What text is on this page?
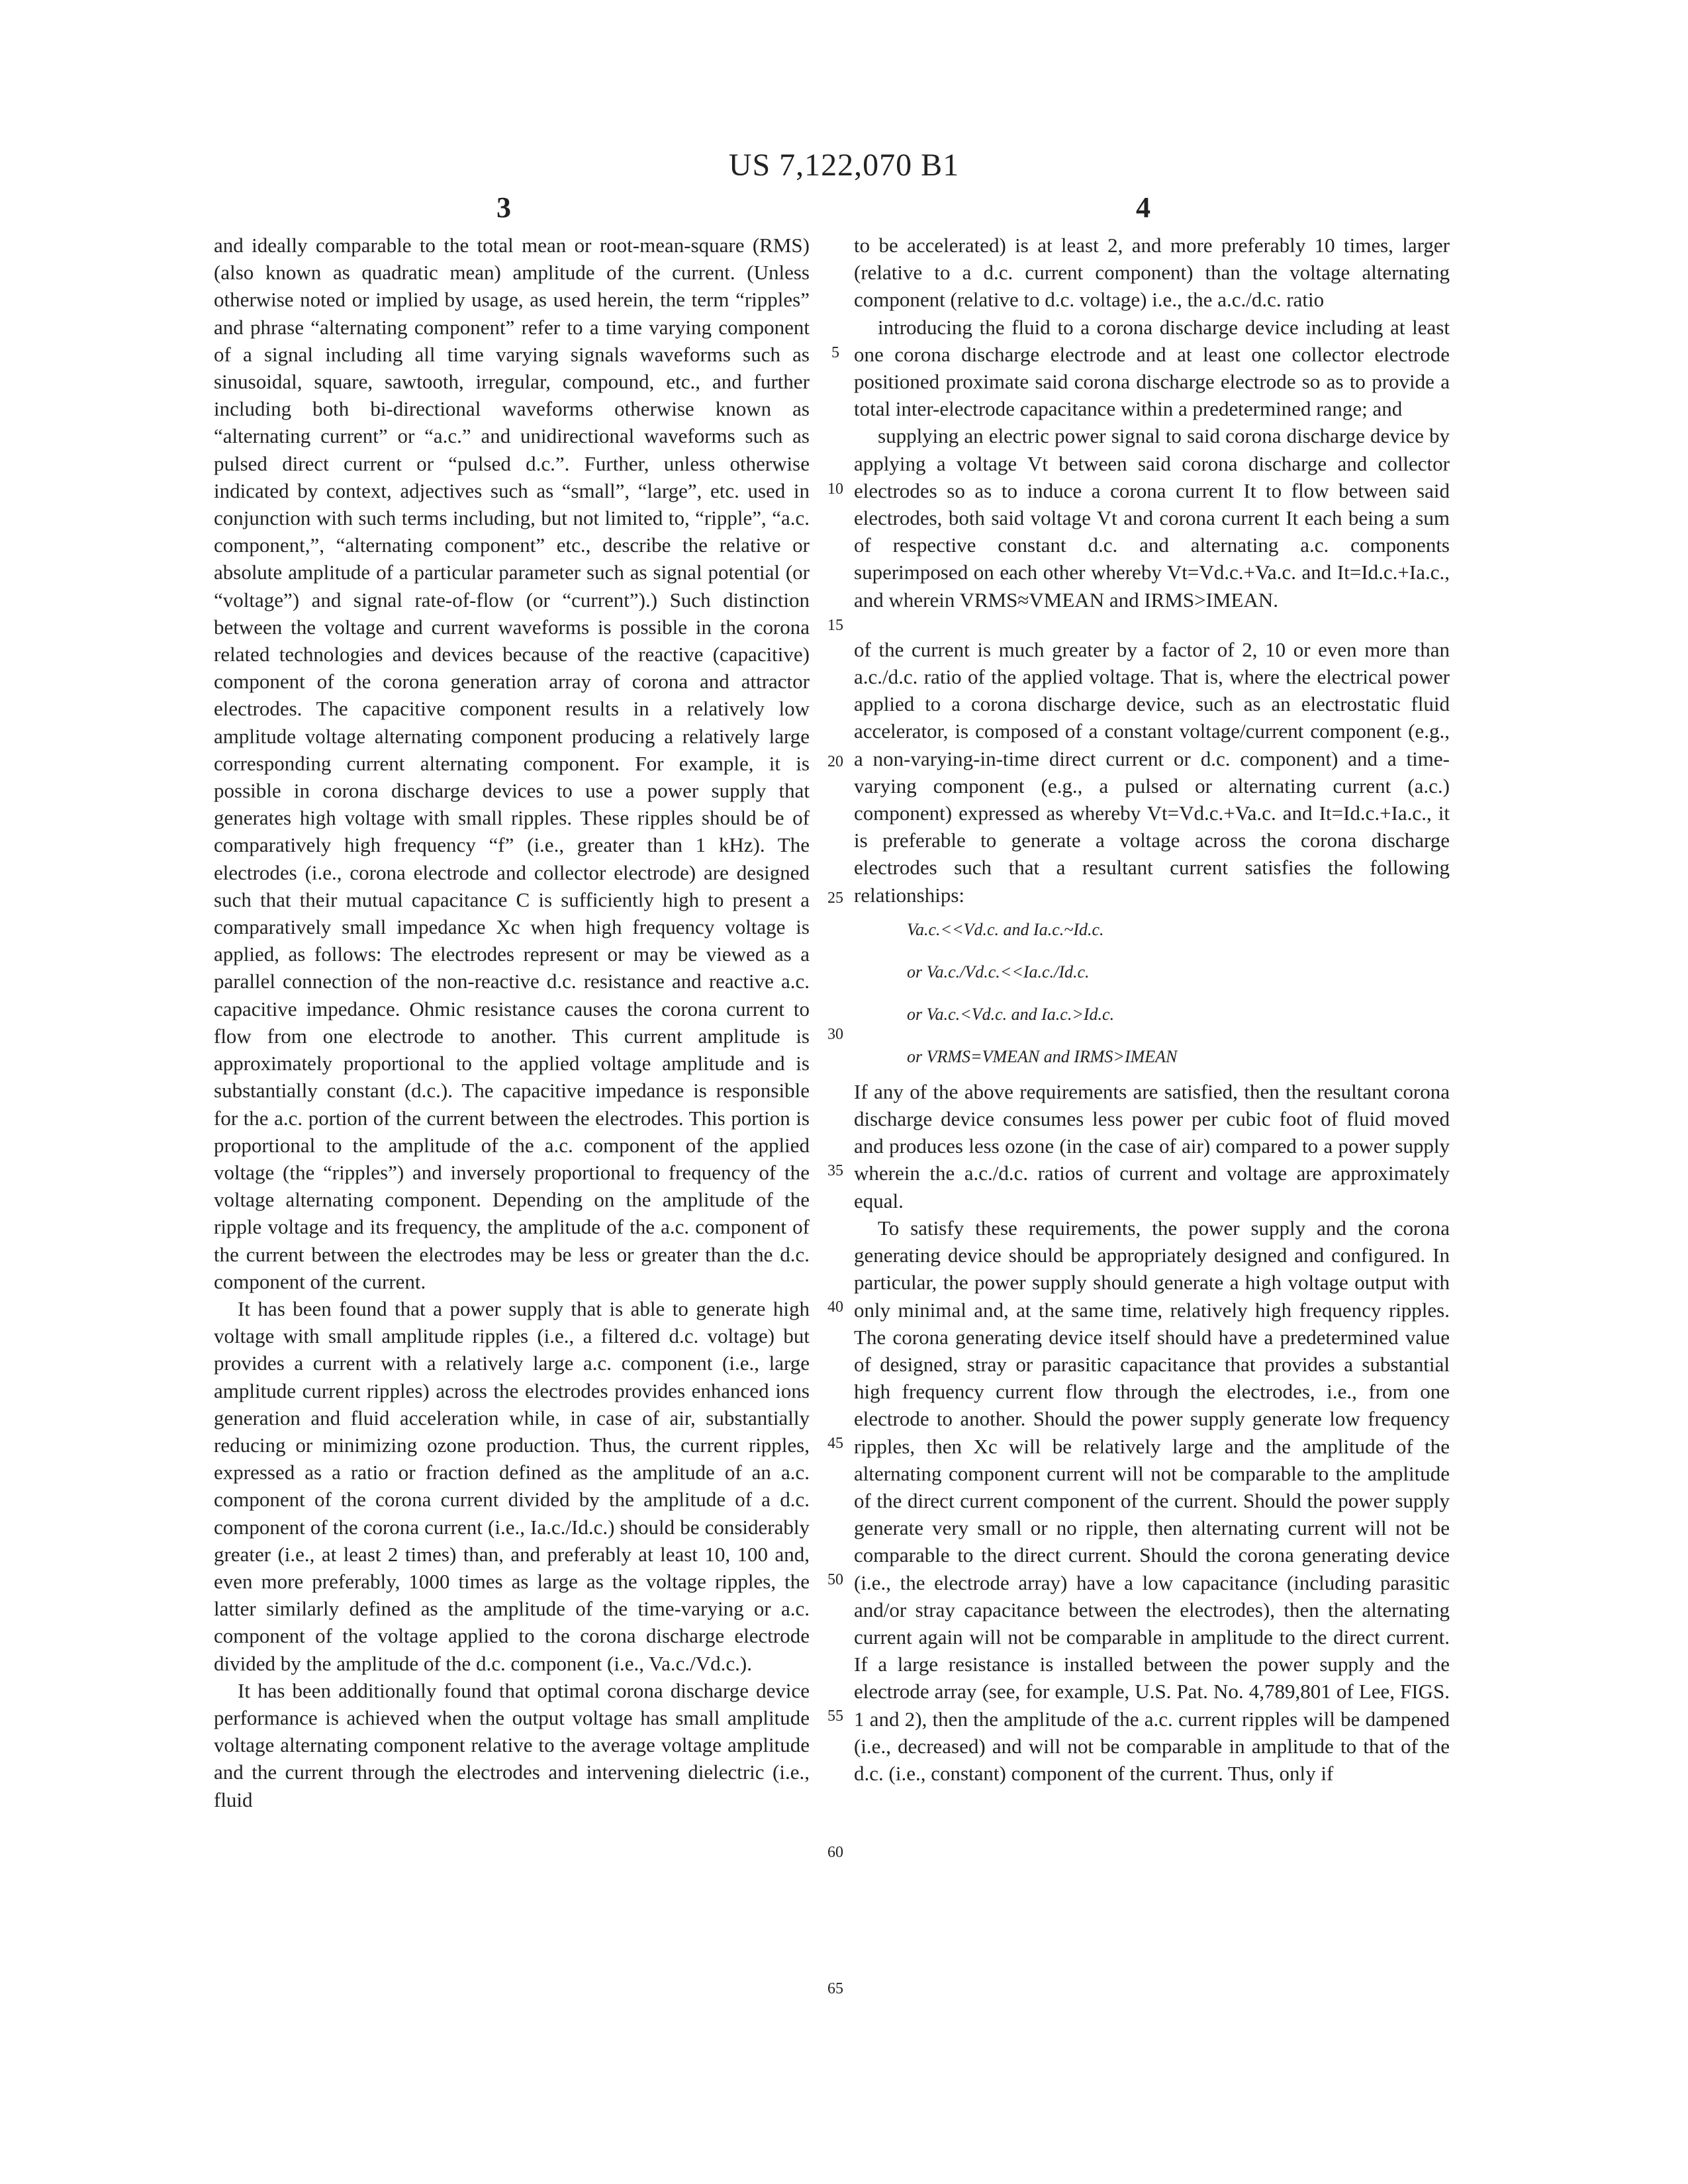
US 7,122,070 B1
3	4

and ideally comparable to the total mean or root-mean-square (RMS) (also known as quadratic mean) amplitude of the current. (Unless otherwise noted or implied by usage, as used herein, the term “ripples” and phrase “alternating component” refer to a time varying component of a signal including all time varying signals waveforms such as sinusoidal, square, sawtooth, irregular, compound, etc., and further including both bi-directional waveforms otherwise known as “alternating current” or “a.c.” and unidirectional waveforms such as pulsed direct current or “pulsed d.c.”. Further, unless otherwise indicated by context, adjectives such as “small”, “large”, etc. used in conjunction with such terms including, but not limited to, “ripple”, “a.c. component,”, “alternating component” etc., describe the relative or absolute amplitude of a particular parameter such as signal potential (or “voltage”) and signal rate-of-flow (or “current”).) Such distinction between the voltage and current waveforms is possible in the corona related technologies and devices because of the reactive (capacitive) component of the corona generation array of corona and attractor electrodes. The capacitive component results in a relatively low amplitude voltage alternating component producing a relatively large corresponding current alternating component. For example, it is possible in corona discharge devices to use a power supply that generates high voltage with small ripples. These ripples should be of comparatively high frequency “f” (i.e., greater than 1 kHz). The electrodes (i.e., corona electrode and collector electrode) are designed such that their mutual capacitance C is sufficiently high to present a comparatively small impedance Xc when high frequency voltage is applied, as follows: The electrodes represent or may be viewed as a parallel connection of the non-reactive d.c. resistance and reactive a.c. capacitive impedance. Ohmic resistance causes the corona current to flow from one electrode to another. This current amplitude is approximately proportional to the applied voltage amplitude and is substantially constant (d.c.). The capacitive impedance is responsible for the a.c. portion of the current between the electrodes. This portion is proportional to the amplitude of the a.c. component of the applied voltage (the “ripples”) and inversely proportional to frequency of the voltage alternating component. Depending on the amplitude of the ripple voltage and its frequency, the amplitude of the a.c. component of the current between the electrodes may be less or greater than the d.c. component of the current.

It has been found that a power supply that is able to generate high voltage with small amplitude ripples (i.e., a filtered d.c. voltage) but provides a current with a relatively large a.c. component (i.e., large amplitude current ripples) across the electrodes provides enhanced ions generation and fluid acceleration while, in case of air, substantially reducing or minimizing ozone production. Thus, the current ripples, expressed as a ratio or fraction defined as the amplitude of an a.c. component of the corona current divided by the amplitude of a d.c. component of the corona current (i.e., Ia.c./Id.c.) should be considerably greater (i.e., at least 2 times) than, and preferably at least 10, 100 and, even more preferably, 1000 times as large as the voltage ripples, the latter similarly defined as the amplitude of the time-varying or a.c. component of the voltage applied to the corona discharge electrode divided by the amplitude of the d.c. component (i.e., Va.c./Vd.c.).

It has been additionally found that optimal corona discharge device performance is achieved when the output voltage has small amplitude voltage alternating component relative to the average voltage amplitude and the current through the electrodes and intervening dielectric (i.e., fluid

to be accelerated) is at least 2, and more preferably 10 times, larger (relative to a d.c. current component) than the voltage alternating component (relative to d.c. voltage) i.e., the a.c./d.c. ratio

introducing the fluid to a corona discharge device including at least one corona discharge electrode and at least one collector electrode positioned proximate said corona discharge electrode so as to provide a total inter-electrode capacitance within a predetermined range; and

supplying an electric power signal to said corona discharge device by applying a voltage Vt between said corona discharge and collector electrodes so as to induce a corona current It to flow between said electrodes, both said voltage Vt and corona current It each being a sum of respective constant d.c. and alternating a.c. components superimposed on each other whereby Vt=Vd.c.+Va.c. and It=Id.c.+Ia.c., and wherein VRMS≈VMEAN and IRMS>IMEAN.

of the current is much greater by a factor of 2, 10 or even more than a.c./d.c. ratio of the applied voltage. That is, where the electrical power applied to a corona discharge device, such as an electrostatic fluid accelerator, is composed of a constant voltage/current component (e.g., a non-varying-in-time direct current or d.c. component) and a time-varying component (e.g., a pulsed or alternating current (a.c.) component) expressed as whereby Vt=Vd.c.+Va.c. and It=Id.c.+Ia.c., it is preferable to generate a voltage across the corona discharge electrodes such that a resultant current satisfies the following relationships:

Va.c.<<Vd.c. and Ia.c.~Id.c.
or Va.c./Vd.c.<<Ia.c./Id.c.
or Va.c.<Vd.c. and Ia.c.>Id.c.
or VRMS=VMEAN and IRMS>IMEAN

If any of the above requirements are satisfied, then the resultant corona discharge device consumes less power per cubic foot of fluid moved and produces less ozone (in the case of air) compared to a power supply wherein the a.c./d.c. ratios of current and voltage are approximately equal.

To satisfy these requirements, the power supply and the corona generating device should be appropriately designed and configured. In particular, the power supply should generate a high voltage output with only minimal and, at the same time, relatively high frequency ripples. The corona generating device itself should have a predetermined value of designed, stray or parasitic capacitance that provides a substantial high frequency current flow through the electrodes, i.e., from one electrode to another. Should the power supply generate low frequency ripples, then Xc will be relatively large and the amplitude of the alternating component current will not be comparable to the amplitude of the direct current component of the current. Should the power supply generate very small or no ripple, then alternating current will not be comparable to the direct current. Should the corona generating device (i.e., the electrode array) have a low capacitance (including parasitic and/or stray capacitance between the electrodes), then the alternating current again will not be comparable in amplitude to the direct current. If a large resistance is installed between the power supply and the electrode array (see, for example, U.S. Pat. No. 4,789,801 of Lee, FIGS. 1 and 2), then the amplitude of the a.c. current ripples will be dampened (i.e., decreased) and will not be comparable in amplitude to that of the d.c. (i.e., constant) component of the current. Thus, only if

5
10
15
20
25
30
35
40
45
50
55
60
65
